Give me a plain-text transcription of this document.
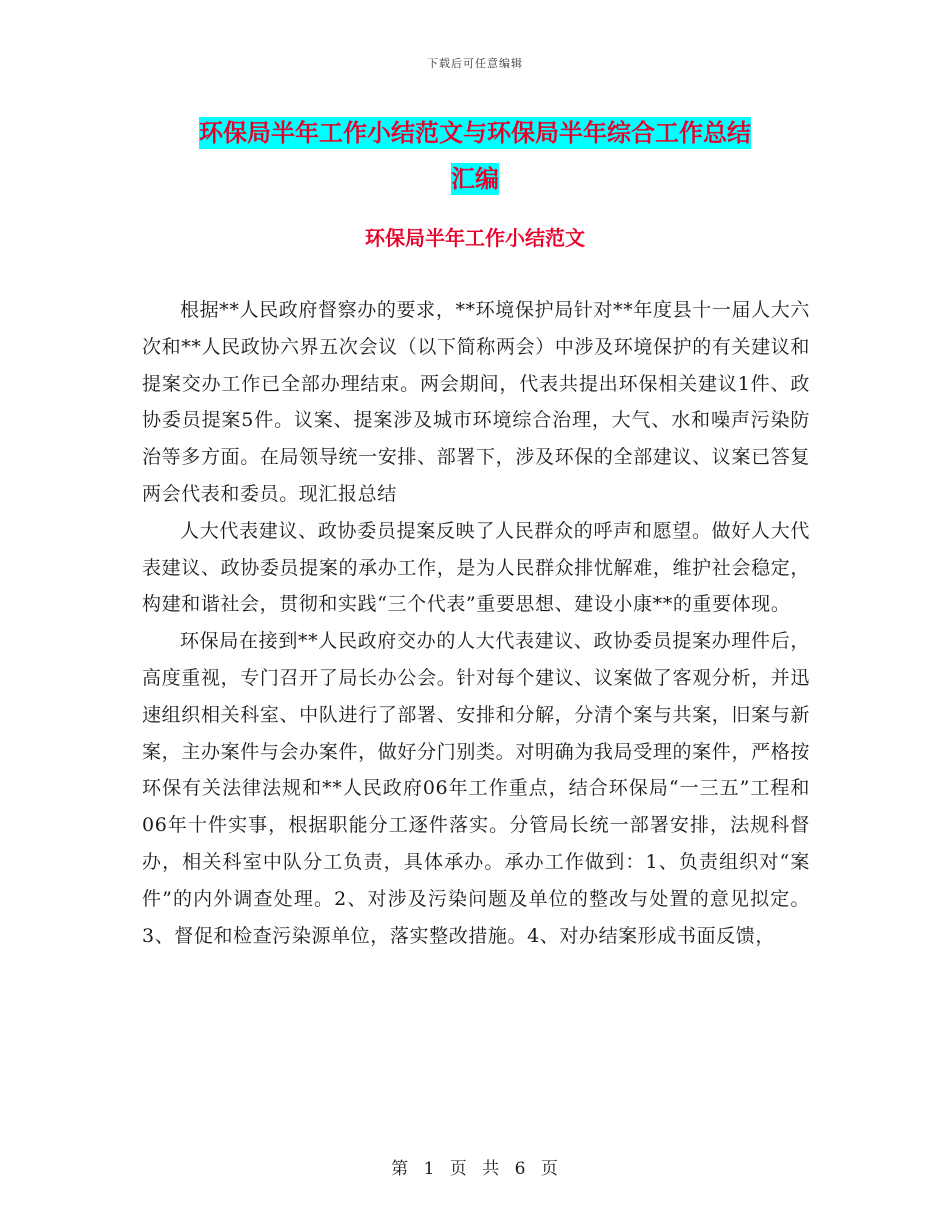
下载后可任意编辑
环保局半年工作小结范文与环保局半年综合工作总结
汇编
环保局半年工作小结范文

根据**人民政府督察办的要求，**环境保护局针对**年度县十一届人大六次和**人民政协六界五次会议（以下简称两会）中涉及环境保护的有关建议和提案交办工作已全部办理结束。两会期间，代表共提出环保相关建议1件、政协委员提案5件。议案、提案涉及城市环境综合治理，大气、水和噪声污染防治等多方面。在局领导统一安排、部署下，涉及环保的全部建议、议案已答复两会代表和委员。现汇报总结

人大代表建议、政协委员提案反映了人民群众的呼声和愿望。做好人大代表建议、政协委员提案的承办工作，是为人民群众排忧解难，维护社会稳定，构建和谐社会，贯彻和实践“三个代表”重要思想、建设小康**的重要体现。

环保局在接到**人民政府交办的人大代表建议、政协委员提案办理件后，高度重视，专门召开了局长办公会。针对每个建议、议案做了客观分析，并迅速组织相关科室、中队进行了部署、安排和分解，分清个案与共案，旧案与新案，主办案件与会办案件，做好分门别类。对明确为我局受理的案件，严格按环保有关法律法规和**人民政府06年工作重点，结合环保局“一三五”工程和06年十件实事，根据职能分工逐件落实。分管局长统一部署安排，法规科督办，相关科室中队分工负责，具体承办。承办工作做到：1、负责组织对“案件”的内外调查处理。2、对涉及污染问题及单位的整改与处置的意见拟定。3、督促和检查污染源单位，落实整改措施。4、对办结案形成书面反馈，

第 1 页 共 6 页
